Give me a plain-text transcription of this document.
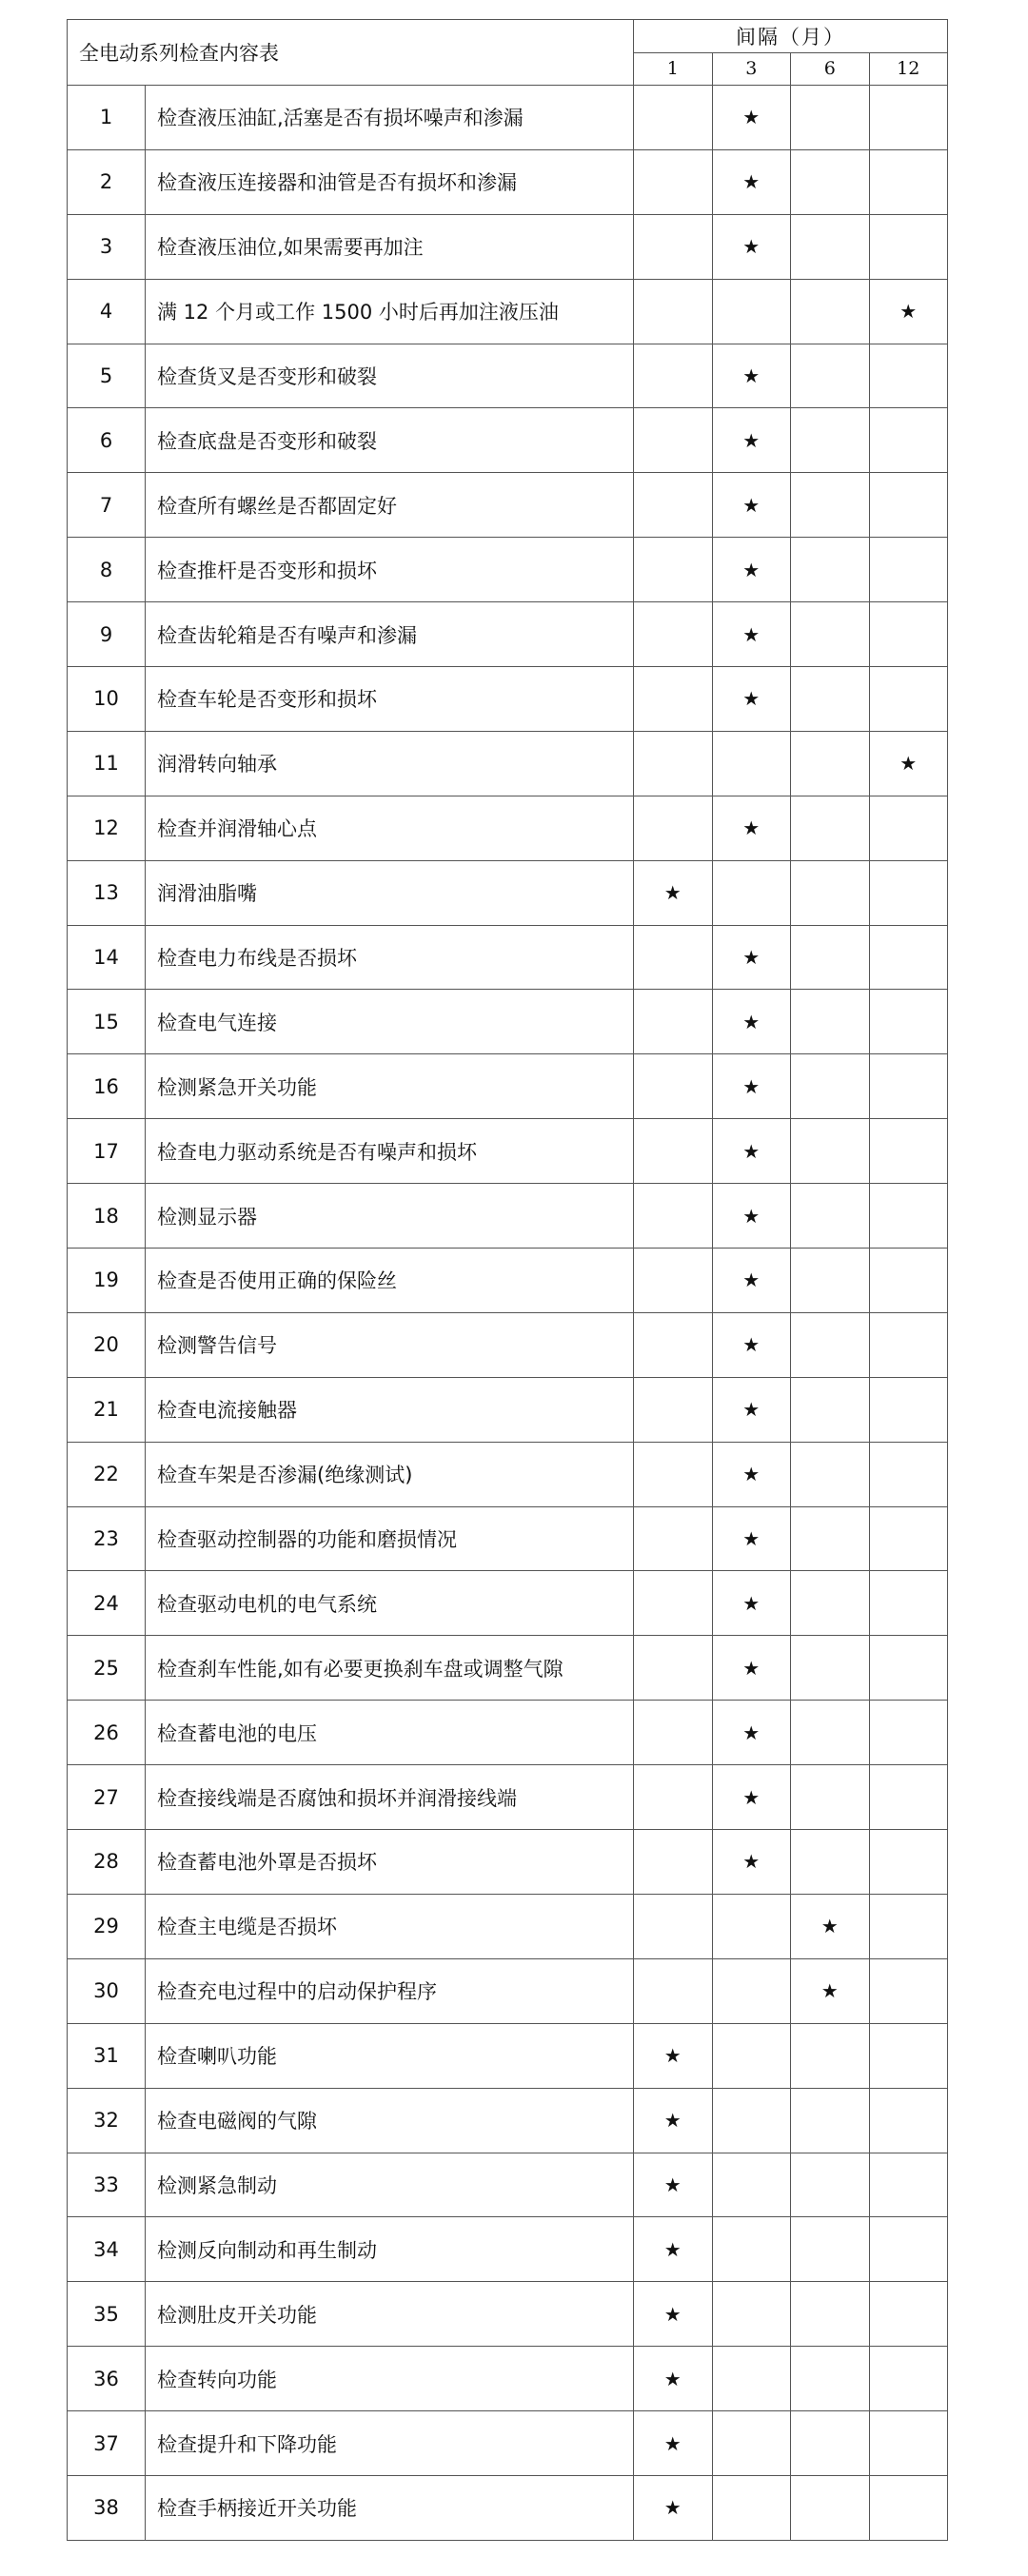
全电动系列检查内容表		间隔（月）			
		1	3	6	12
1	检查液压油缸,活塞是否有损坏噪声和渗漏		★		
2	检查液压连接器和油管是否有损坏和渗漏		★		
3	检查液压油位,如果需要再加注		★		
4	满 12 个月或工作 1500 小时后再加注液压油				★
5	检查货叉是否变形和破裂		★		
6	检查底盘是否变形和破裂		★		
7	检查所有螺丝是否都固定好		★		
8	检查推杆是否变形和损坏		★		
9	检查齿轮箱是否有噪声和渗漏		★		
10	检查车轮是否变形和损坏		★		
11	润滑转向轴承				★
12	检查并润滑轴心点		★		
13	润滑油脂嘴	★			
14	检查电力布线是否损坏		★		
15	检查电气连接		★		
16	检测紧急开关功能		★		
17	检查电力驱动系统是否有噪声和损坏		★		
18	检测显示器		★		
19	检查是否使用正确的保险丝		★		
20	检测警告信号		★		
21	检查电流接触器		★		
22	检查车架是否渗漏(绝缘测试)		★		
23	检查驱动控制器的功能和磨损情况		★		
24	检查驱动电机的电气系统		★		
25	检查刹车性能,如有必要更换刹车盘或调整气隙		★		
26	检查蓄电池的电压		★		
27	检查接线端是否腐蚀和损坏并润滑接线端		★		
28	检查蓄电池外罩是否损坏		★		
29	检查主电缆是否损坏			★	
30	检查充电过程中的启动保护程序			★	
31	检查喇叭功能	★			
32	检查电磁阀的气隙	★			
33	检测紧急制动	★			
34	检测反向制动和再生制动	★			
35	检测肚皮开关功能	★			
36	检查转向功能	★			
37	检查提升和下降功能	★			
38	检查手柄接近开关功能	★			
